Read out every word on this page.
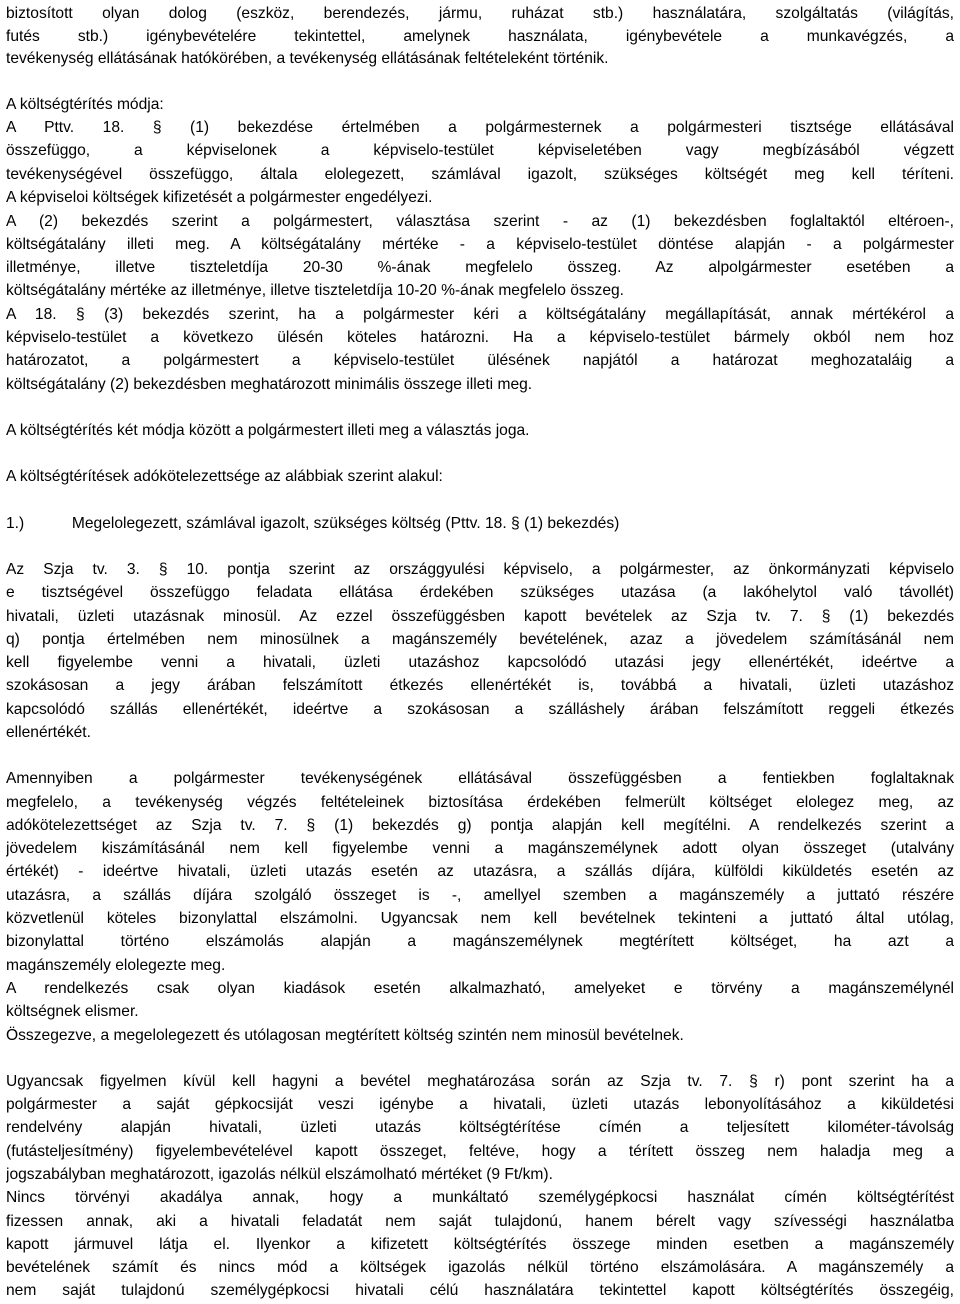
biztosított olyan dolog (eszköz, berendezés, jármu, ruházat stb.) használatára, szolgáltatás (világítás,
futés stb.) igénybevételére tekintettel, amelynek használata, igénybevétele a munkavégzés, a
tevékenység ellátásának hatókörében, a tevékenység ellátásának feltételeként történik.
A költségtérítés módja:
A Pttv. 18. § (1) bekezdése értelmében a polgármesternek a polgármesteri tisztsége ellátásával
összefüggo, a képviselonek a képviselo-testület képviseletében vagy megbízásából végzett
tevékenységével összefüggo, általa elolegezett, számlával igazolt, szükséges költségét meg kell téríteni.
A képviseloi költségek kifizetését a polgármester engedélyezi.
A (2) bekezdés szerint a polgármestert, választása szerint - az (1) bekezdésben foglaltaktól eltéroen-,
költségátalány illeti meg. A költségátalány mértéke - a képviselo-testület döntése alapján - a polgármester
illetménye, illetve tiszteletdíja 20-30 %-ának megfelelo összeg. Az alpolgármester esetében a
költségátalány mértéke az illetménye, illetve tiszteletdíja 10-20 %-ának megfelelo összeg.
A 18. § (3) bekezdés szerint, ha a polgármester kéri a költségátalány megállapítását, annak mértékérol a
képviselo-testület a következo ülésén köteles határozni. Ha a képviselo-testület bármely okból nem hoz
határozatot, a polgármestert a képviselo-testület ülésének napjától a határozat meghozataláig a
költségátalány (2) bekezdésben meghatározott minimális összege illeti meg.
A költségtérítés két módja között a polgármestert illeti meg a választás joga.
A költségtérítések adókötelezettsége az alábbiak szerint alakul:
1.)           Megelolegezett, számlával igazolt, szükséges költség (Pttv. 18. § (1) bekezdés)
Az Szja tv. 3. § 10. pontja szerint az országgyulési képviselo, a polgármester, az önkormányzati képviselo
e tisztségével összefüggo feladata ellátása érdekében szükséges utazása (a lakóhelytol való távollét)
hivatali, üzleti utazásnak minosül. Az ezzel összefüggésben kapott bevételek az Szja tv. 7. § (1) bekezdés
q) pontja értelmében nem minosülnek a magánszemély bevételének, azaz a jövedelem számításánál nem
kell figyelembe venni a hivatali, üzleti utazáshoz kapcsolódó utazási jegy ellenértékét, ideértve a
szokásosan a jegy árában felszámított étkezés ellenértékét is, továbbá a hivatali, üzleti utazáshoz
kapcsolódó szállás ellenértékét, ideértve a szokásosan a szálláshely árában felszámított reggeli étkezés
ellenértékét.
Amennyiben a polgármester tevékenységének ellátásával összefüggésben a fentiekben foglaltaknak
megfelelo, a tevékenység végzés feltételeinek biztosítása érdekében felmerült költséget elolegez meg, az
adókötelezettséget az Szja tv. 7. § (1) bekezdés g) pontja alapján kell megítélni. A rendelkezés szerint a
jövedelem kiszámításánál nem kell figyelembe venni a magánszemélynek adott olyan összeget (utalvány
értékét) - ideértve hivatali, üzleti utazás esetén az utazásra, a szállás díjára, külföldi kiküldetés esetén az
utazásra, a szállás díjára szolgáló összeget is -, amellyel szemben a magánszemély a juttató részére
közvetlenül köteles bizonylattal elszámolni. Ugyancsak nem kell bevételnek tekinteni a juttató által utólag,
bizonylattal történo elszámolás alapján a magánszemélynek megtérített költséget, ha azt a
magánszemély elolegezte meg.
A rendelkezés csak olyan kiadások esetén alkalmazható, amelyeket e törvény a magánszemélynél
költségnek elismer.
Összegezve, a megelolegezett és utólagosan megtérített költség szintén nem minosül bevételnek.
Ugyancsak figyelmen kívül kell hagyni a bevétel meghatározása során az Szja tv. 7. § r) pont szerint ha a
polgármester a saját gépkocsiját veszi igénybe a hivatali, üzleti utazás lebonyolításához a kiküldetési
rendelvény alapján hivatali, üzleti utazás költségtérítése címén a teljesített kilométer-távolság
(futásteljesítmény) figyelembevételével kapott összeget, feltéve, hogy a térített összeg nem haladja meg a
jogszabályban meghatározott, igazolás nélkül elszámolható mértéket (9 Ft/km).
Nincs törvényi akadálya annak, hogy a munkáltató személygépkocsi használat címén költségtérítést
fizessen annak, aki a hivatali feladatát nem saját tulajdonú, hanem bérelt vagy szívességi használatba
kapott jármuvel látja el. Ilyenkor a kifizetett költségtérítés összege minden esetben a magánszemély
bevételének számít és nincs mód a költségek igazolás nélkül történo elszámolására. A magánszemély a
nem saját tulajdonú személygépkocsi hivatali célú használatára tekintettel kapott költségtérítés összegéig,
